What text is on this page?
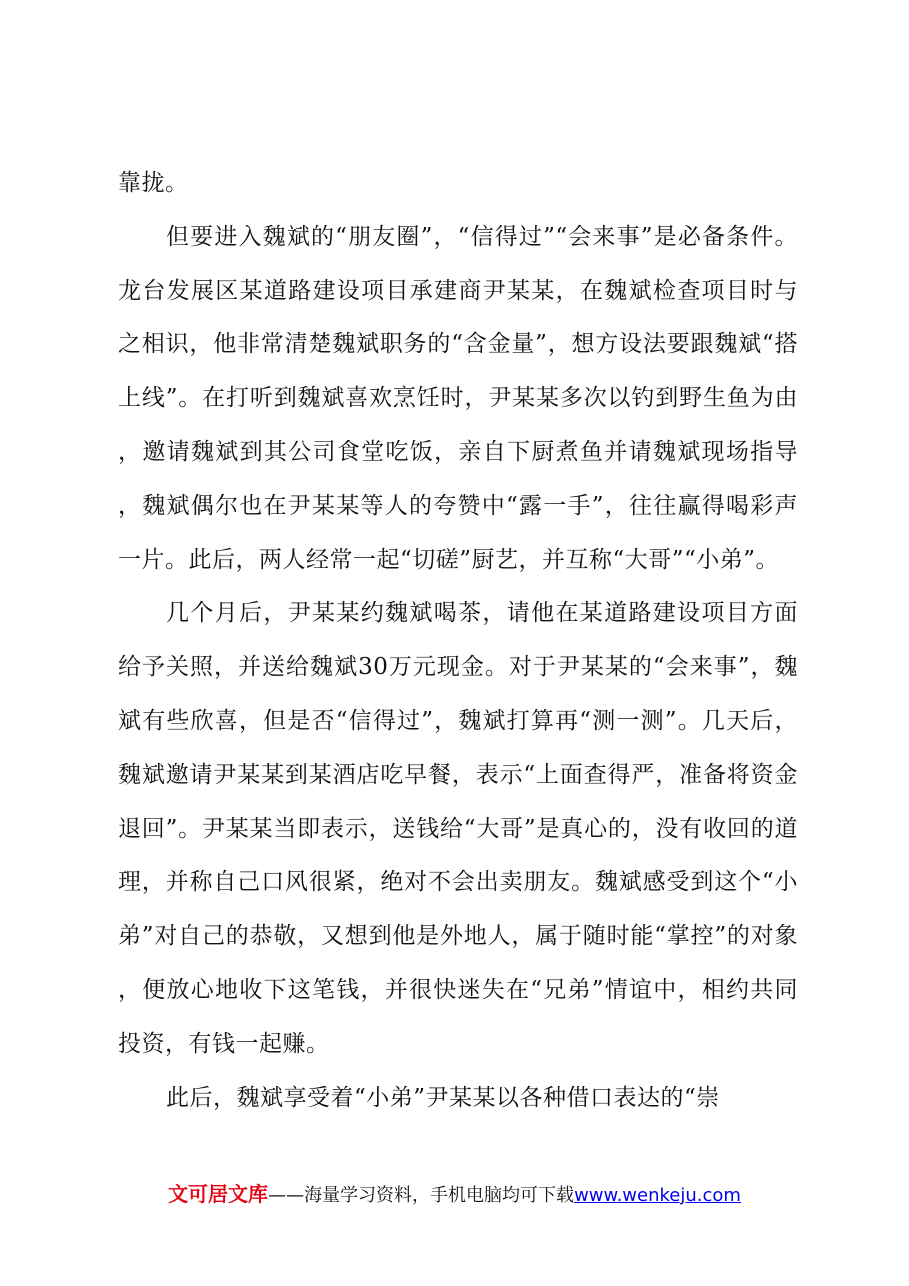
靠拢。

但要进入魏斌的“朋友圈”，“信得过”“会来事”是必备条件。龙台发展区某道路建设项目承建商尹某某，在魏斌检查项目时与之相识，他非常清楚魏斌职务的“含金量”，想方设法要跟魏斌“搭上线”。在打听到魏斌喜欢烹饪时，尹某某多次以钓到野生鱼为由，邀请魏斌到其公司食堂吃饭，亲自下厨煮鱼并请魏斌现场指导，魏斌偶尔也在尹某某等人的夸赞中“露一手”，往往赢得喝彩声一片。此后，两人经常一起“切磋”厨艺，并互称“大哥”“小弟”。

几个月后，尹某某约魏斌喝茶，请他在某道路建设项目方面给予关照，并送给魏斌30万元现金。对于尹某某的“会来事”，魏斌有些欣喜，但是否“信得过”，魏斌打算再“测一测”。几天后，魏斌邀请尹某某到某酒店吃早餐，表示“上面查得严，准备将资金退回”。尹某某当即表示，送钱给“大哥”是真心的，没有收回的道理，并称自己口风很紧，绝对不会出卖朋友。魏斌感受到这个“小弟”对自己的恭敬，又想到他是外地人，属于随时能“掌控”的对象，便放心地收下这笔钱，并很快迷失在“兄弟”情谊中，相约共同投资，有钱一起赚。

此后，魏斌享受着“小弟”尹某某以各种借口表达的“崇

文可居文库——海量学习资料，手机电脑均可下载www.wenkeju.com
